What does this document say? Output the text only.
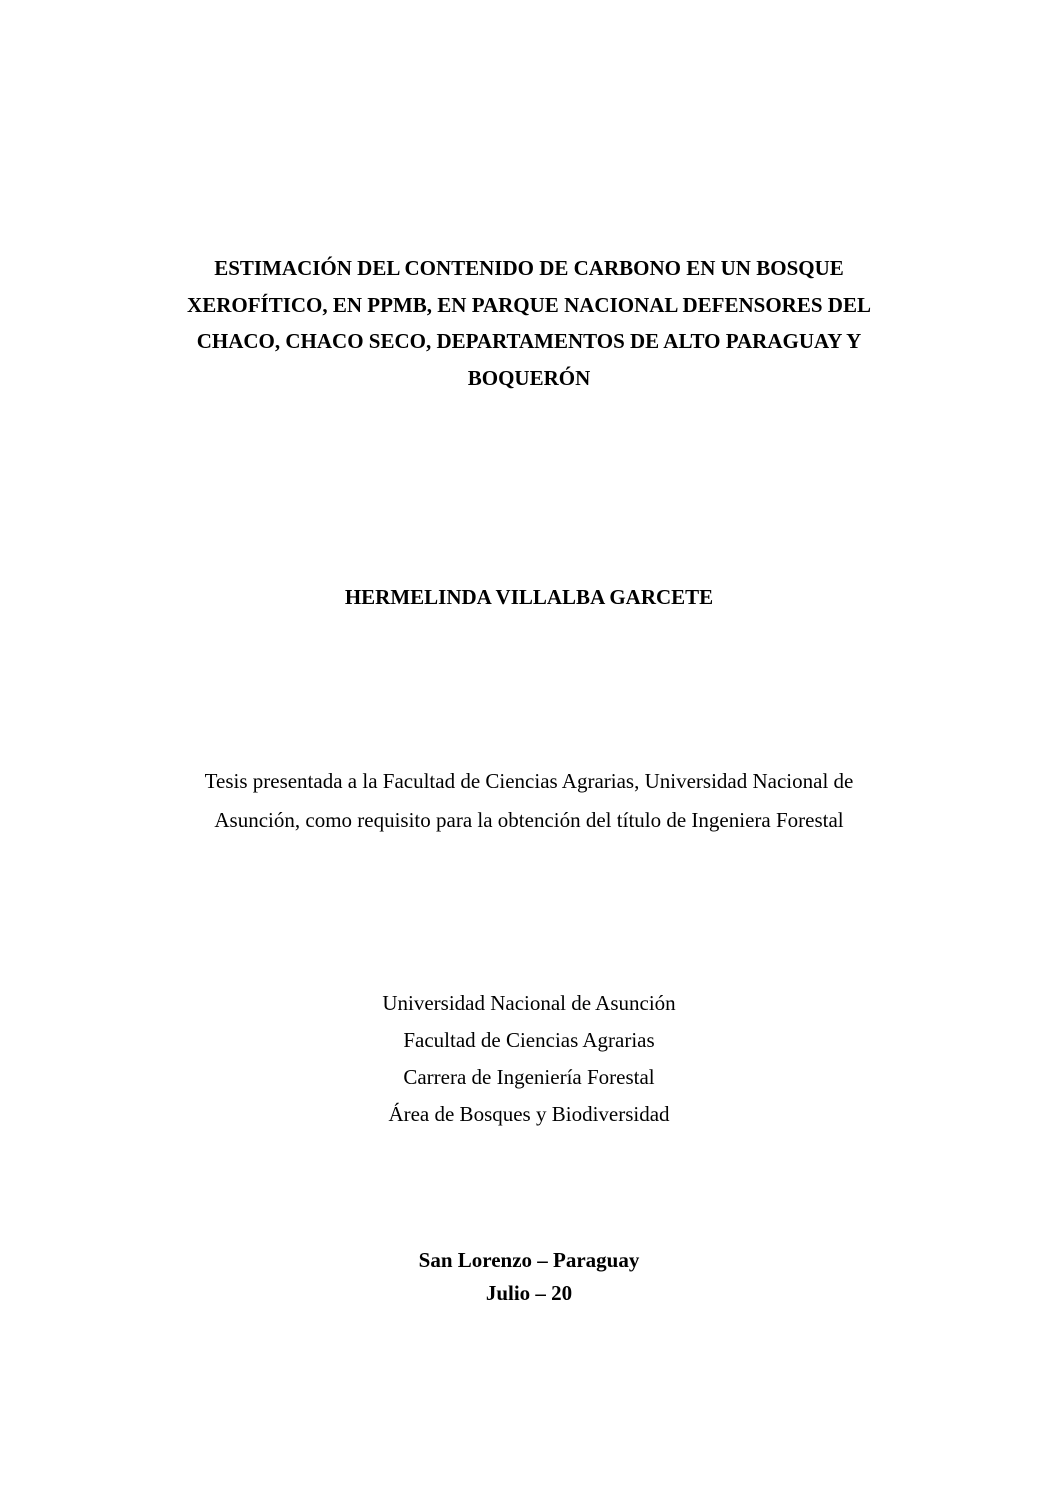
ESTIMACIÓN DEL CONTENIDO DE CARBONO EN UN BOSQUE
XEROFÍTICO, EN PPMB, EN PARQUE NACIONAL DEFENSORES DEL
CHACO, CHACO SECO, DEPARTAMENTOS DE ALTO PARAGUAY Y
BOQUERÓN
HERMELINDA VILLALBA GARCETE
Tesis presentada a la Facultad de Ciencias Agrarias, Universidad Nacional de
Asunción, como requisito para la obtención del título de Ingeniera Forestal
Universidad Nacional de Asunción
Facultad de Ciencias Agrarias
Carrera de Ingeniería Forestal
Área de Bosques y Biodiversidad
San Lorenzo – Paraguay
Julio – 20
